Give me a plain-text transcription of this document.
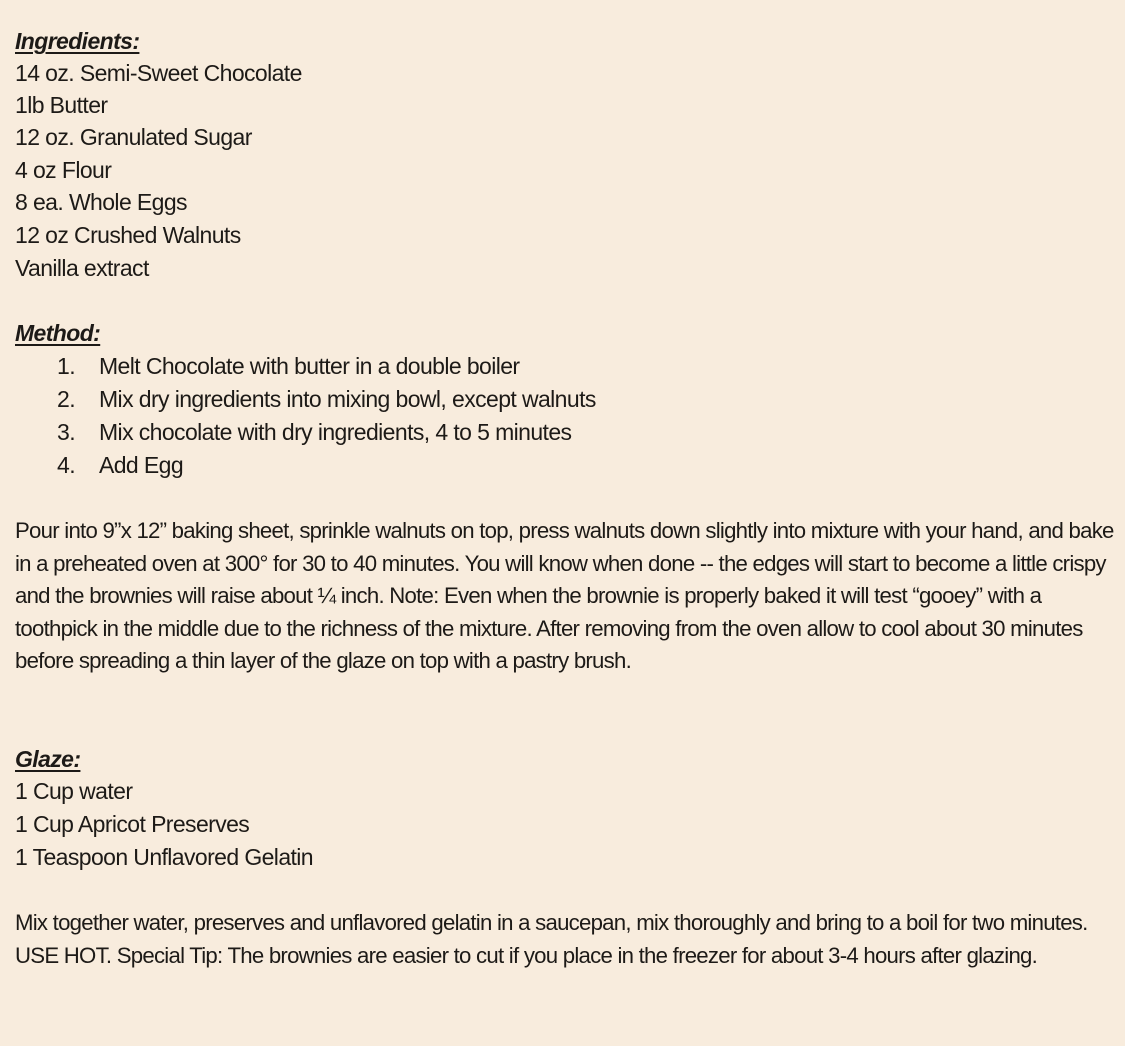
Ingredients:
14 oz. Semi-Sweet Chocolate
1lb Butter
12 oz. Granulated Sugar
4 oz Flour
8 ea. Whole Eggs
12 oz Crushed Walnuts
Vanilla extract
Method:
1. Melt Chocolate with butter in a double boiler
2. Mix dry ingredients into mixing bowl, except walnuts
3. Mix chocolate with dry ingredients, 4 to 5 minutes
4. Add Egg
Pour into 9”x 12” baking sheet, sprinkle walnuts on top, press walnuts down slightly into mixture with your hand, and bake in a preheated oven at 300° for 30 to 40 minutes. You will know when done -- the edges will start to become a little crispy and the brownies will raise about ¼ inch. Note: Even when the brownie is properly baked it will test “gooey” with a toothpick in the middle due to the richness of the mixture. After removing from the oven allow to cool about 30 minutes before spreading a thin layer of the glaze on top with a pastry brush.
Glaze:
1 Cup water
1 Cup Apricot Preserves
1 Teaspoon Unflavored Gelatin
Mix together water, preserves and unflavored gelatin in a saucepan, mix thoroughly and bring to a boil for two minutes. USE HOT. Special Tip: The brownies are easier to cut if you place in the freezer for about 3-4 hours after glazing.
